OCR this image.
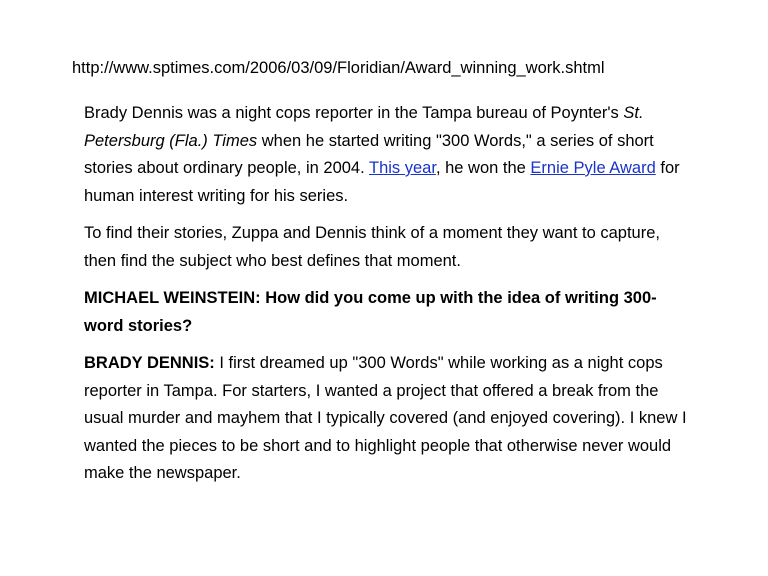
http://www.sptimes.com/2006/03/09/Floridian/Award_winning_work.shtml

Brady Dennis was a night cops reporter in the Tampa bureau of Poynter's St. Petersburg (Fla.) Times when he started writing "300 Words," a series of short stories about ordinary people, in 2004. This year, he won the Ernie Pyle Award for human interest writing for his series.

To find their stories, Zuppa and Dennis think of a moment they want to capture, then find the subject who best defines that moment.

MICHAEL WEINSTEIN: How did you come up with the idea of writing 300-word stories?

BRADY DENNIS: I first dreamed up "300 Words" while working as a night cops reporter in Tampa. For starters, I wanted a project that offered a break from the usual murder and mayhem that I typically covered (and enjoyed covering). I knew I wanted the pieces to be short and to highlight people that otherwise never would make the newspaper.
